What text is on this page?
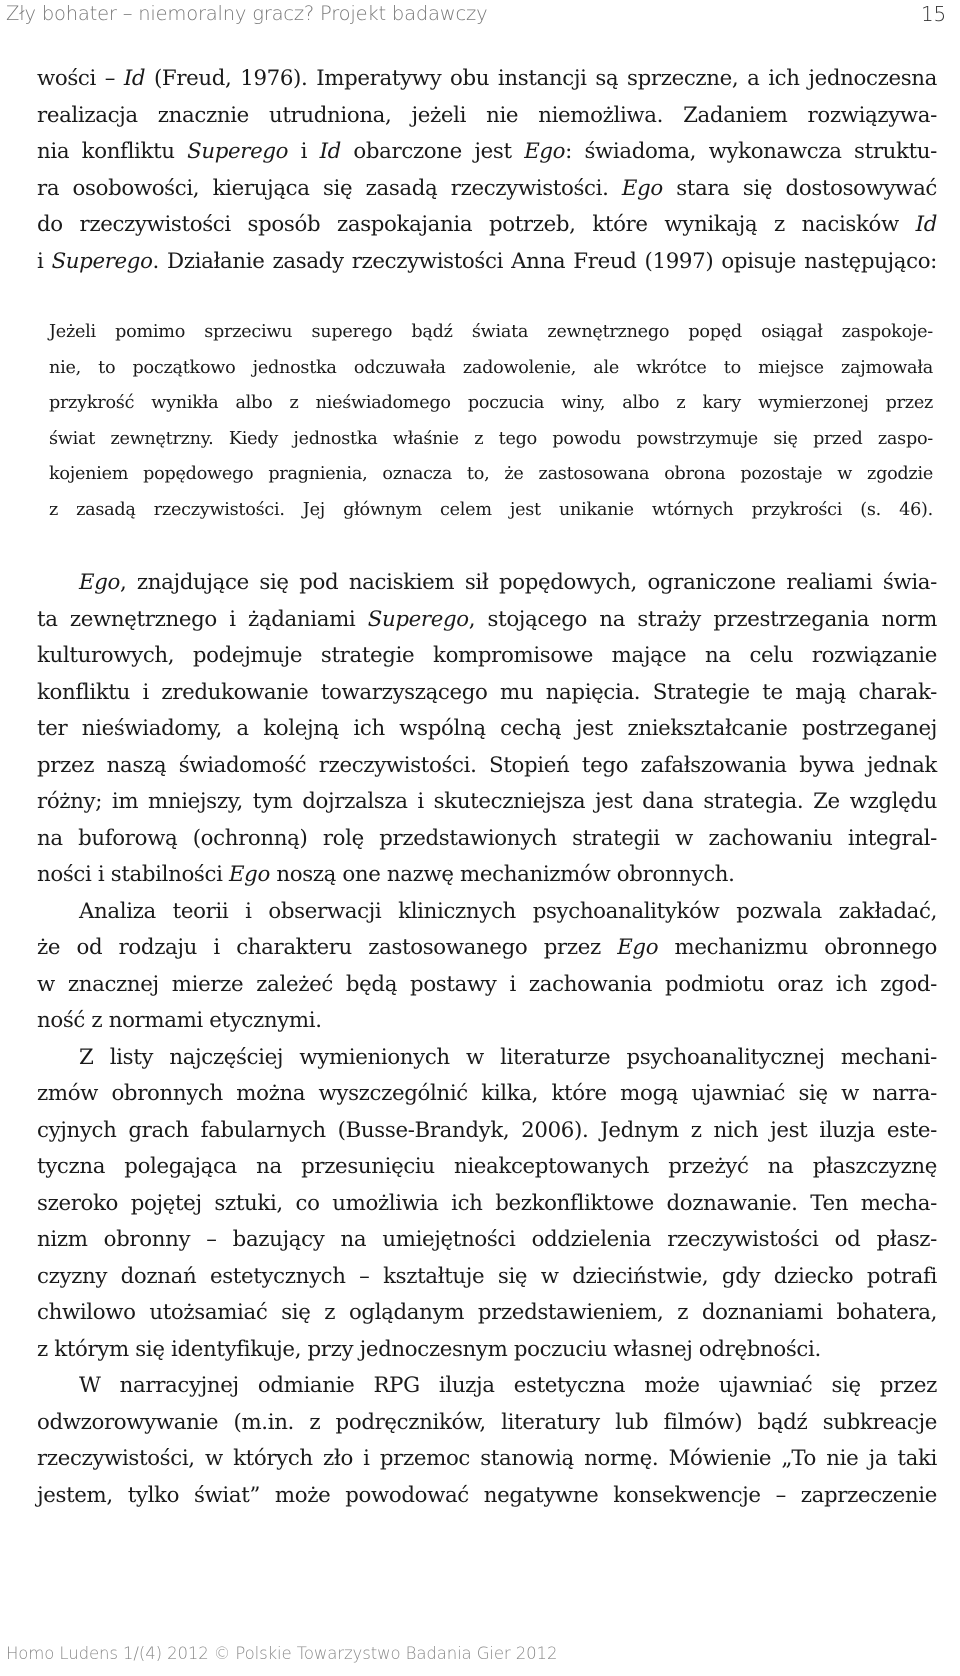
Zły bohater – niemoralny gracz? Projekt badawczy	15
wości – Id (Freud, 1976). Imperatywy obu instancji są sprzeczne, a ich jednoczesna
realizacja znacznie utrudniona, jeżeli nie niemożliwa. Zadaniem rozwiązywa-
nia konfliktu Superego i Id obarczone jest Ego: świadoma, wykonawcza struktu-
ra osobowości, kierująca się zasadą rzeczywistości. Ego stara się dostosowywać
do rzeczywistości sposób zaspokajania potrzeb, które wynikają z nacisków Id
i Superego. Działanie zasady rzeczywistości Anna Freud (1997) opisuje następująco:
Jeżeli pomimo sprzeciwu superego bądź świata zewnętrznego popęd osiągał zaspokoje-
nie, to początkowo jednostka odczuwała zadowolenie, ale wkrótce to miejsce zajmowała
przykrość wynikła albo z nieświadomego poczucia winy, albo z kary wymierzonej przez
świat zewnętrzny. Kiedy jednostka właśnie z tego powodu powstrzymuje się przed zaspo-
kojeniem popędowego pragnienia, oznacza to, że zastosowana obrona pozostaje w zgodzie
z zasadą rzeczywistości. Jej głównym celem jest unikanie wtórnych przykrości (s. 46).
Ego, znajdujące się pod naciskiem sił popędowych, ograniczone realiami świa-
ta zewnętrznego i żądaniami Superego, stojącego na straży przestrzegania norm
kulturowych, podejmuje strategie kompromisowe mające na celu rozwiązanie
konfliktu i zredukowanie towarzyszącego mu napięcia. Strategie te mają charak-
ter nieświadomy, a kolejną ich wspólną cechą jest zniekształcanie postrzeganej
przez naszą świadomość rzeczywistości. Stopień tego zafałszowania bywa jednak
różny; im mniejszy, tym dojrzalsza i skuteczniejsza jest dana strategia. Ze względu
na buforową (ochronną) rolę przedstawionych strategii w zachowaniu integral-
ności i stabilności Ego noszą one nazwę mechanizmów obronnych.
Analiza teorii i obserwacji klinicznych psychoanalityków pozwala zakładać,
że od rodzaju i charakteru zastosowanego przez Ego mechanizmu obronnego
w znacznej mierze zależeć będą postawy i zachowania podmiotu oraz ich zgod-
ność z normami etycznymi.
Z listy najczęściej wymienionych w literaturze psychoanalitycznej mechani-
zmów obronnych można wyszczególnić kilka, które mogą ujawniać się w narra-
cyjnych grach fabularnych (Busse-Brandyk, 2006). Jednym z nich jest iluzja este-
tyczna polegająca na przesunięciu nieakceptowanych przeżyć na płaszczyznę
szeroko pojętej sztuki, co umożliwia ich bezkonfliktowe doznawanie. Ten mecha-
nizm obronny – bazujący na umiejętności oddzielenia rzeczywistości od płasz-
czyzny doznań estetycznych – kształtuje się w dzieciństwie, gdy dziecko potrafi
chwilowo utożsamiać się z oglądanym przedstawieniem, z doznaniami bohatera,
z którym się identyfikuje, przy jednoczesnym poczuciu własnej odrębności.
W narracyjnej odmianie RPG iluzja estetyczna może ujawniać się przez
odwzorowywanie (m.in. z podręczników, literatury lub filmów) bądź subkreacje
rzeczywistości, w których zło i przemoc stanowią normę. Mówienie „To nie ja taki
jestem, tylko świat” może powodować negatywne konsekwencje – zaprzeczenie
Homo Ludens 1/(4) 2012 © Polskie Towarzystwo Badania Gier 2012
